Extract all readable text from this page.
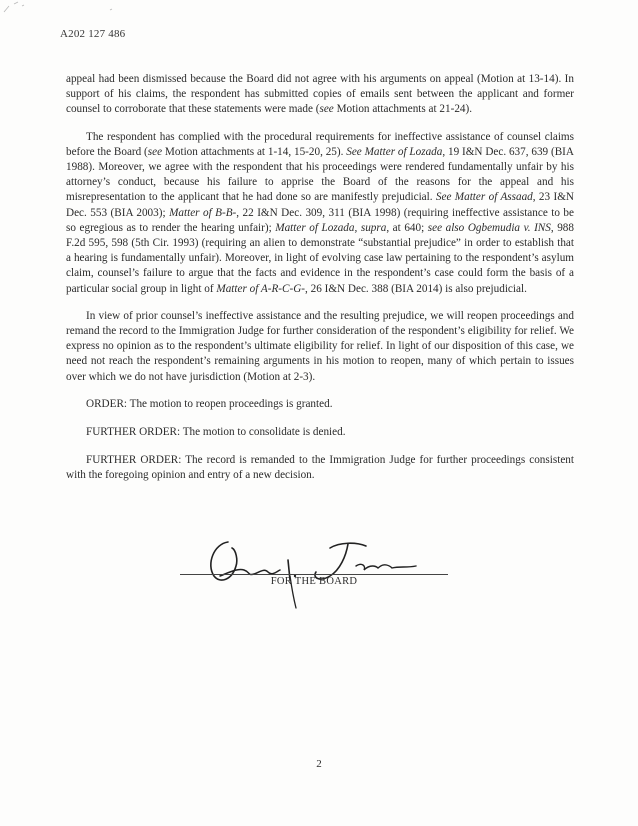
A202 127 486

appeal had been dismissed because the Board did not agree with his arguments on appeal (Motion at 13-14). In support of his claims, the respondent has submitted copies of emails sent between the applicant and former counsel to corroborate that these statements were made (see Motion attachments at 21-24).

The respondent has complied with the procedural requirements for ineffective assistance of counsel claims before the Board (see Motion attachments at 1-14, 15-20, 25). See Matter of Lozada, 19 I&N Dec. 637, 639 (BIA 1988). Moreover, we agree with the respondent that his proceedings were rendered fundamentally unfair by his attorney’s conduct, because his failure to apprise the Board of the reasons for the appeal and his misrepresentation to the applicant that he had done so are manifestly prejudicial. See Matter of Assaad, 23 I&N Dec. 553 (BIA 2003); Matter of B-B-, 22 I&N Dec. 309, 311 (BIA 1998) (requiring ineffective assistance to be so egregious as to render the hearing unfair); Matter of Lozada, supra, at 640; see also Ogbemudia v. INS, 988 F.2d 595, 598 (5th Cir. 1993) (requiring an alien to demonstrate “substantial prejudice” in order to establish that a hearing is fundamentally unfair). Moreover, in light of evolving case law pertaining to the respondent’s asylum claim, counsel’s failure to argue that the facts and evidence in the respondent’s case could form the basis of a particular social group in light of Matter of A-R-C-G-, 26 I&N Dec. 388 (BIA 2014) is also prejudicial.

In view of prior counsel’s ineffective assistance and the resulting prejudice, we will reopen proceedings and remand the record to the Immigration Judge for further consideration of the respondent’s eligibility for relief. We express no opinion as to the respondent’s ultimate eligibility for relief. In light of our disposition of this case, we need not reach the respondent’s remaining arguments in his motion to reopen, many of which pertain to issues over which we do not have jurisdiction (Motion at 2-3).

ORDER: The motion to reopen proceedings is granted.

FURTHER ORDER: The motion to consolidate is denied.

FURTHER ORDER: The record is remanded to the Immigration Judge for further proceedings consistent with the foregoing opinion and entry of a new decision.

FOR THE BOARD
2
